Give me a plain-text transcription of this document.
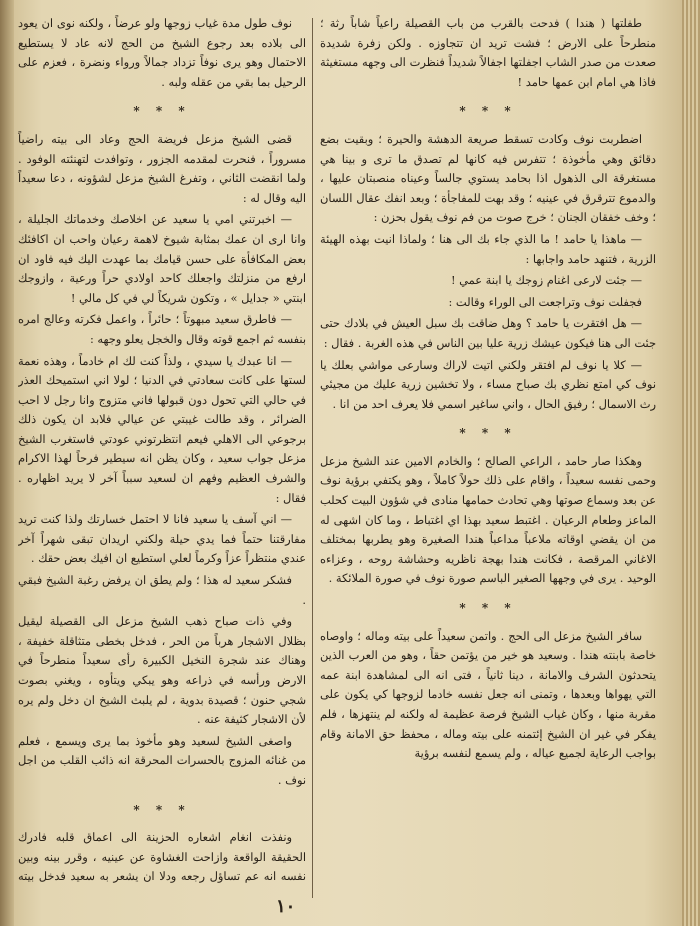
طفلتها ( هندا ) فدحت بالقرب من باب القصيلة راعياً شاباً رثة ؛ منطرحاً على الارض ؛ فشت تريد ان تتجاوزه . ولكن زفرة شديدة صعدت من صدر الشاب اجفلتها اجفالاً شديداً فنظرت الى وجهه مستغيثة فاذا هي امام ابن عمها حامد !

* * *

اضطربت نوف وكادت تسقط صريعة الدهشة والحيرة ؛ وبقيت بضع دقائق وهي مأخوذة ؛ تتفرس فيه كانها لم تصدق ما ترى و بينا هي مستغرقة الى الذهول اذا بحامد يستوي جالساً وعيناه منصبتان عليها ، والدموع تترقرق في عينيه ؛ وقد بهت للمفاجأة ؛ وبعد انفك عقال اللسان ؛ وخف خفقان الجنان ؛ خرج صوت من فم نوف يقول بحزن :

— ماهذا يا حامد ! ما الذي جاء بك الى هنا ؛ ولماذا انيت بهذه الهيئة الزرية ، فتنهد حامد واجابها :

— جئت لارعى اغنام زوجك يا ابنة عمي !

فجفلت نوف وتراجعت الى الوراء وقالت :

— هل افتقرت يا حامد ؟ وهل ضاقت بك سبل العيش في بلادك حتى جئت الى هنا فيكون عيشك زرية عليا بين الناس في هذه الغربة . فقال :

— كلا يا نوف لم افتقر ولكني اتيت لاراك وسارعى مواشي بعلك يا نوف كي امتع نظري بك صباح مساء ، ولا تخشين زرية عليك من مجيئي رث الاسمال ؛ رفيق الحال ، واني ساغير اسمي فلا يعرف احد من انا .

* * *

وهكذا صار حامد ، الراعي الصالح ؛ والخادم الامين عند الشيخ مزعل وحمى نفسه سعيداً ، واقام على ذلك حولاً كاملاً ، وهو يكتفي برؤية نوف عن بعد وسماع صوتها وهي تحادث حمامها منادى في شؤون البيت كحلب الماعز وطعام الرعيان . اغتبط سعيد بهذا اي اغتباط ، وما كان اشهى له من ان يقضي اوقاته ملاعباً مداعباً هندا الصغيرة وهو يطربها بمختلف الاغاني المرقصة ، فكانت هندا بهجة ناظريه وحشاشة روحه ، وعزاءه الوحيد . يرى في وجهها الصغير الباسم صورة نوف في صورة الملائكة .

* * *

سافر الشيخ مزعل الى الحج . واتمن سعيداً على بيته وماله ؛ واوصاه خاصة بابنته هندا . وسعيد هو خير من يؤتمن حقاً ، وهو من العرب الذين يتحدثون الشرف والامانة ، دينا ثانياً ، فتى انه الى لمشاهدة ابنة عمه التي يهواها وبعدها ، وتمنى انه جعل نفسه خادما لزوجها كي يكون على مقربة منها ، وكان غياب الشيخ فرصة عظيمة له ولكنه لم ينتهزها ، فلم يفكر في غير ان الشيخ إئتمنه على بيته وماله ، محفظ حق الامانة وقام بواجب الرعاية لجميع عياله ، ولم يسمع لنفسه برؤية

نوف طول مدة غياب زوجها ولو عرضاً ، ولكنه نوى ان يعود الى بلاده بعد رجوع الشيخ من الحج لانه عاد لا يستطيع الاحتمال وهو يرى نوفاً تزداد جمالاً ورواء ونضرة ، فعزم على الرحيل بما بقي من عقله ولبه .

* * *

قضى الشيخ مزعل فريضة الحج وعاد الى بيته راضياً مسروراً ، فنحرت لمقدمه الجزور ، وتوافدت لتهنئته الوفود . ولما انقضت الثاني ، وتفرغ الشيخ مزعل لشؤونه ، دعا سعيداً اليه وقال له :

— اخبرتني امي يا سعيد عن اخلاصك وخدماتك الجليلة ، وانا ارى ان عمك بمثابة شيوخ لاهمة رعيان واحب ان اكافئك بعض المكافأة على حسن قيامك بما عهدت اليك فيه فاود ان ارفع من منزلتك واجعلك كاحد اولادي حراً ورعية ، وازوجك ابنتي « جدايل » ، وتكون شريكاً لي في كل مالي !

— فاطرق سعيد مبهوتاً ؛ حائراً ، واعمل فكرته وعالج امره بنفسه ثم اجمع قوته وقال والخجل يعلو وجهه :

— انا عبدك يا سيدي ، ولذاً كنت لك ام خادماً ، وهذه نعمة لستها على كانت سعادتي في الدنيا ؛ لولا اني استميحك العذر في حالي التي تحول دون قبولها فاني متزوج وانا رجل لا احب الضرائر ، وقد طالت غيبتي عن عيالي فلابد ان يكون ذلك برجوعي الى الاهلي فيعم انتظرتوني عودتي فاستغرب الشيخ مزعل جواب سعيد ، وكان يظن انه سيطير فرحاً لهذا الاكرام والشرف العظيم وفهم ان لسعيد سبباً آخر لا يريد اظهاره . فقال :

— اني آسف يا سعيد فانا لا احتمل خسارتك ولذا كنت تريد مفارقتنا حتماً فما يدي حيلة ولكني اريدان تبقى شهراً آخر عندي منتظراً عزاً وكرماً لعلي استطيع ان افيك بعض حقك .

فشكر سعيد له هذا ؛ ولم يطق ان يرفض رغبة الشيخ فبقي .

وفي ذات صباح ذهب الشيخ مزعل الى القصيلة ليقيل بظلال الاشجار هرباً من الحر ، فدخل بخطى متثاقلة خفيفة ، وهناك عند شجرة النخيل الكبيرة رأى سعيداً منطرحاً في الارض ورأسه في ذراعه وهو يبكي ويتأوه ، ويغني بصوت شجي حنون ؛ قصيدة بدوية ، لم يلبث الشيخ ان دخل ولم يره لأن الاشجار كثيفة عنه .

واصغى الشيخ لسعيد وهو مأخوذ بما يرى ويسمع ، فعلم من غنائه المزوج بالحسرات المحرقة انه ذائب القلب من اجل نوف .

* * *

ونفذت انغام اشعاره الحزينة الى اعماق قلبه فادرك الحقيقة الواقعة وازاحت الغشاوة عن عينيه ، وقرر بينه وبين نفسه انه عم تساؤل رجعه ودلا ان يشعر به سعيد فدخل بيته

١٠
